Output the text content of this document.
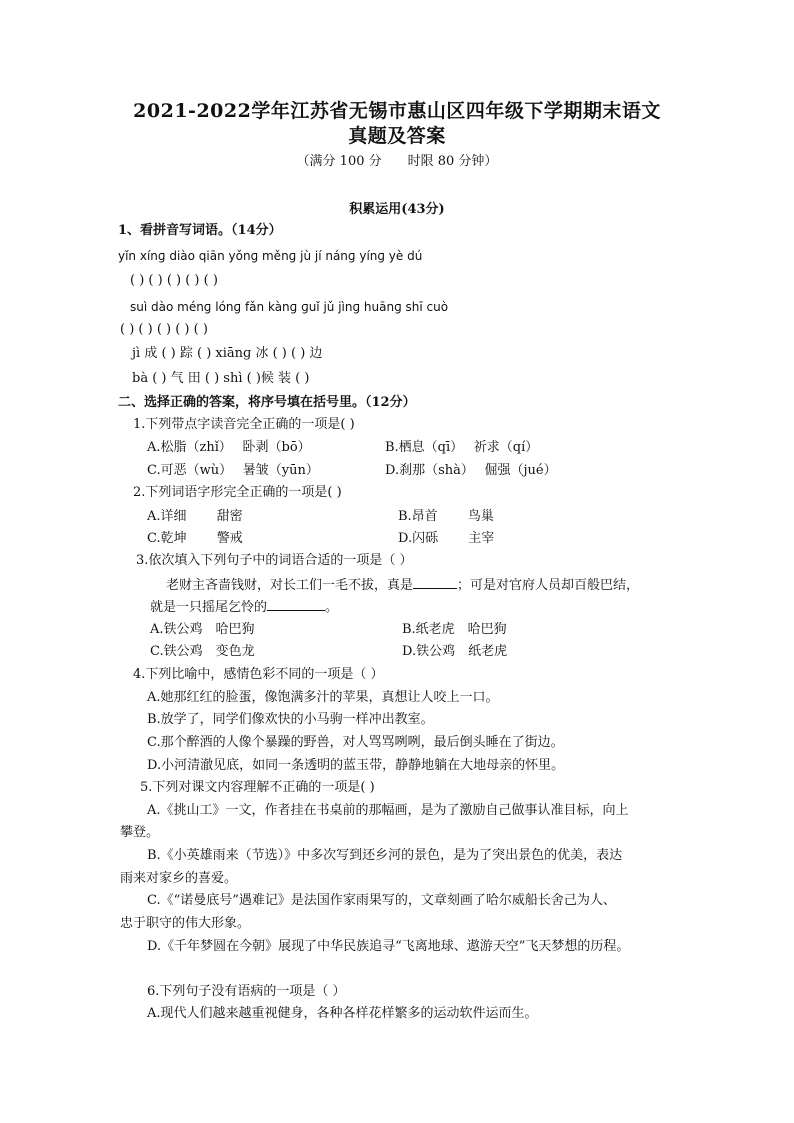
2021-2022学年江苏省无锡市惠山区四年级下学期期末语文
真题及答案
（满分 100 分　　时限 80 分钟）
积累运用(43分)
1、看拼音写词语。（14分）
yǐn xínɡ diào qiān yǒnɡ měnɡ jù jí nánɡ yínɡ yè dú
( ) ( ) ( ) ( ) ( )
suì dào ménɡ lónɡ fǎn kànɡ ɡuǐ jǔ jìnɡ huānɡ shī cuò
( ) ( ) ( ) ( ) ( )
jì 成 ( ) 踪 ( ) xiānɡ 冰 ( ) ( ) 边
bà ( ) 气 田 ( ) shì ( )候 装 ( )
二、选择正确的答案，将序号填在括号里。（12分）
1.下列带点字读音完全正确的一项是( )
A.松脂（zhǐ）　 卧剥（bō）	B.栖息（qī）　 祈求（qí）
C.可恶（wù）　 暑皱（yūn）	D.刹那（shà）　 倔强（jué）
2.下列词语字形完全正确的一项是( )
A.详细　　 甜密	B.昂首　　 鸟巢
C.乾坤　　 警戒	D.闪砾　　 主宰
3.依次填入下列句子中的词语合适的一项是（ ）
老财主吝啬钱财，对长工们一毛不拔，真是	；可是对官府人员却百般巴结，
就是一只摇尾乞怜的	。
A.铁公鸡　哈巴狗	B.纸老虎　哈巴狗
C.铁公鸡　变色龙	D.铁公鸡　纸老虎
4.下列比喻中，感情色彩不同的一项是（ ）
A.她那红红的脸蛋，像饱满多汁的苹果，真想让人咬上一口。
B.放学了，同学们像欢快的小马驹一样冲出教室。
C.那个醉酒的人像个暴躁的野兽，对人骂骂咧咧，最后倒头睡在了街边。
D.小河清澈见底，如同一条透明的蓝玉带，静静地躺在大地母亲的怀里。
5.下列对课文内容理解不正确的一项是( )
A.《挑山工》一文，作者挂在书桌前的那幅画，是为了激励自己做事认准目标，向上
攀登。
B.《小英雄雨来（节选）》中多次写到还乡河的景色，是为了突出景色的优美，表达
雨来对家乡的喜爱。
C.《“诺曼底号”遇难记》是法国作家雨果写的，文章刻画了哈尔威船长舍己为人、
忠于职守的伟大形象。
D.《千年梦圆在今朝》展现了中华民族追寻“飞离地球、遨游天空”飞天梦想的历程。
6.下列句子没有语病的一项是（ ）
A.现代人们越来越重视健身，各种各样花样繁多的运动软件运而生。
